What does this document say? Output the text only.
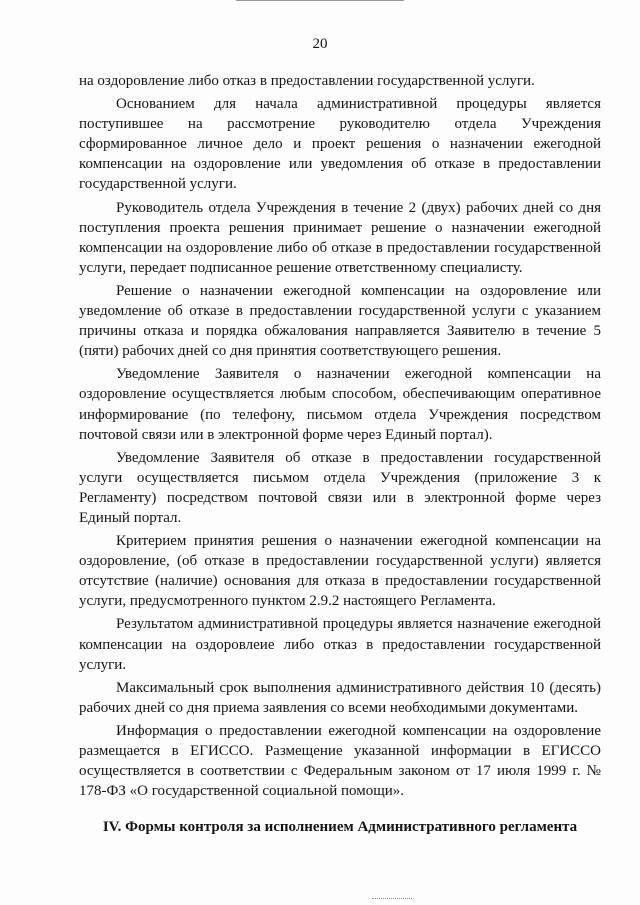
20

на оздоровление либо отказ в предоставлении государственной услуги.

Основанием для начала административной процедуры является поступившее на рассмотрение руководителю отдела Учреждения сформированное личное дело и проект решения о назначении ежегодной компенсации на оздоровление или уведомления об отказе в предоставлении государственной услуги.

Руководитель отдела Учреждения в течение 2 (двух) рабочих дней со дня поступления проекта решения принимает решение о назначении ежегодной компенсации на оздоровление либо об отказе в предоставлении государственной услуги, передает подписанное решение ответственному специалисту.

Решение о назначении ежегодной компенсации на оздоровление или уведомление об отказе в предоставлении государственной услуги с указанием причины отказа и порядка обжалования направляется Заявителю в течение 5 (пяти) рабочих дней со дня принятия соответствующего решения.

Уведомление Заявителя о назначении ежегодной компенсации на оздоровление осуществляется любым способом, обеспечивающим оперативное информирование (по телефону, письмом отдела Учреждения посредством почтовой связи или в электронной форме через Единый портал).

Уведомление Заявителя об отказе в предоставлении государственной услуги осуществляется письмом отдела Учреждения (приложение 3 к Регламенту) посредством почтовой связи или в электронной форме через Единый портал.

Критерием принятия решения о назначении ежегодной компенсации на оздоровление, (об отказе в предоставлении государственной услуги) является отсутствие (наличие) основания для отказа в предоставлении государственной услуги, предусмотренного пунктом 2.9.2 настоящего Регламента.

Результатом административной процедуры является назначение ежегодной компенсации на оздоровлеие либо отказ в предоставлении государственной услуги.

Максимальный срок выполнения административного действия 10 (десять) рабочих дней со дня приема заявления со всеми необходимыми документами.

Информация о предоставлении ежегодной компенсации на оздоровление размещается в ЕГИССО. Размещение указанной информации в ЕГИССО осуществляется в соответствии с Федеральным законом от 17 июля 1999 г. № 178-ФЗ «О государственной социальной помощи».

IV. Формы контроля за исполнением Административного регламента
